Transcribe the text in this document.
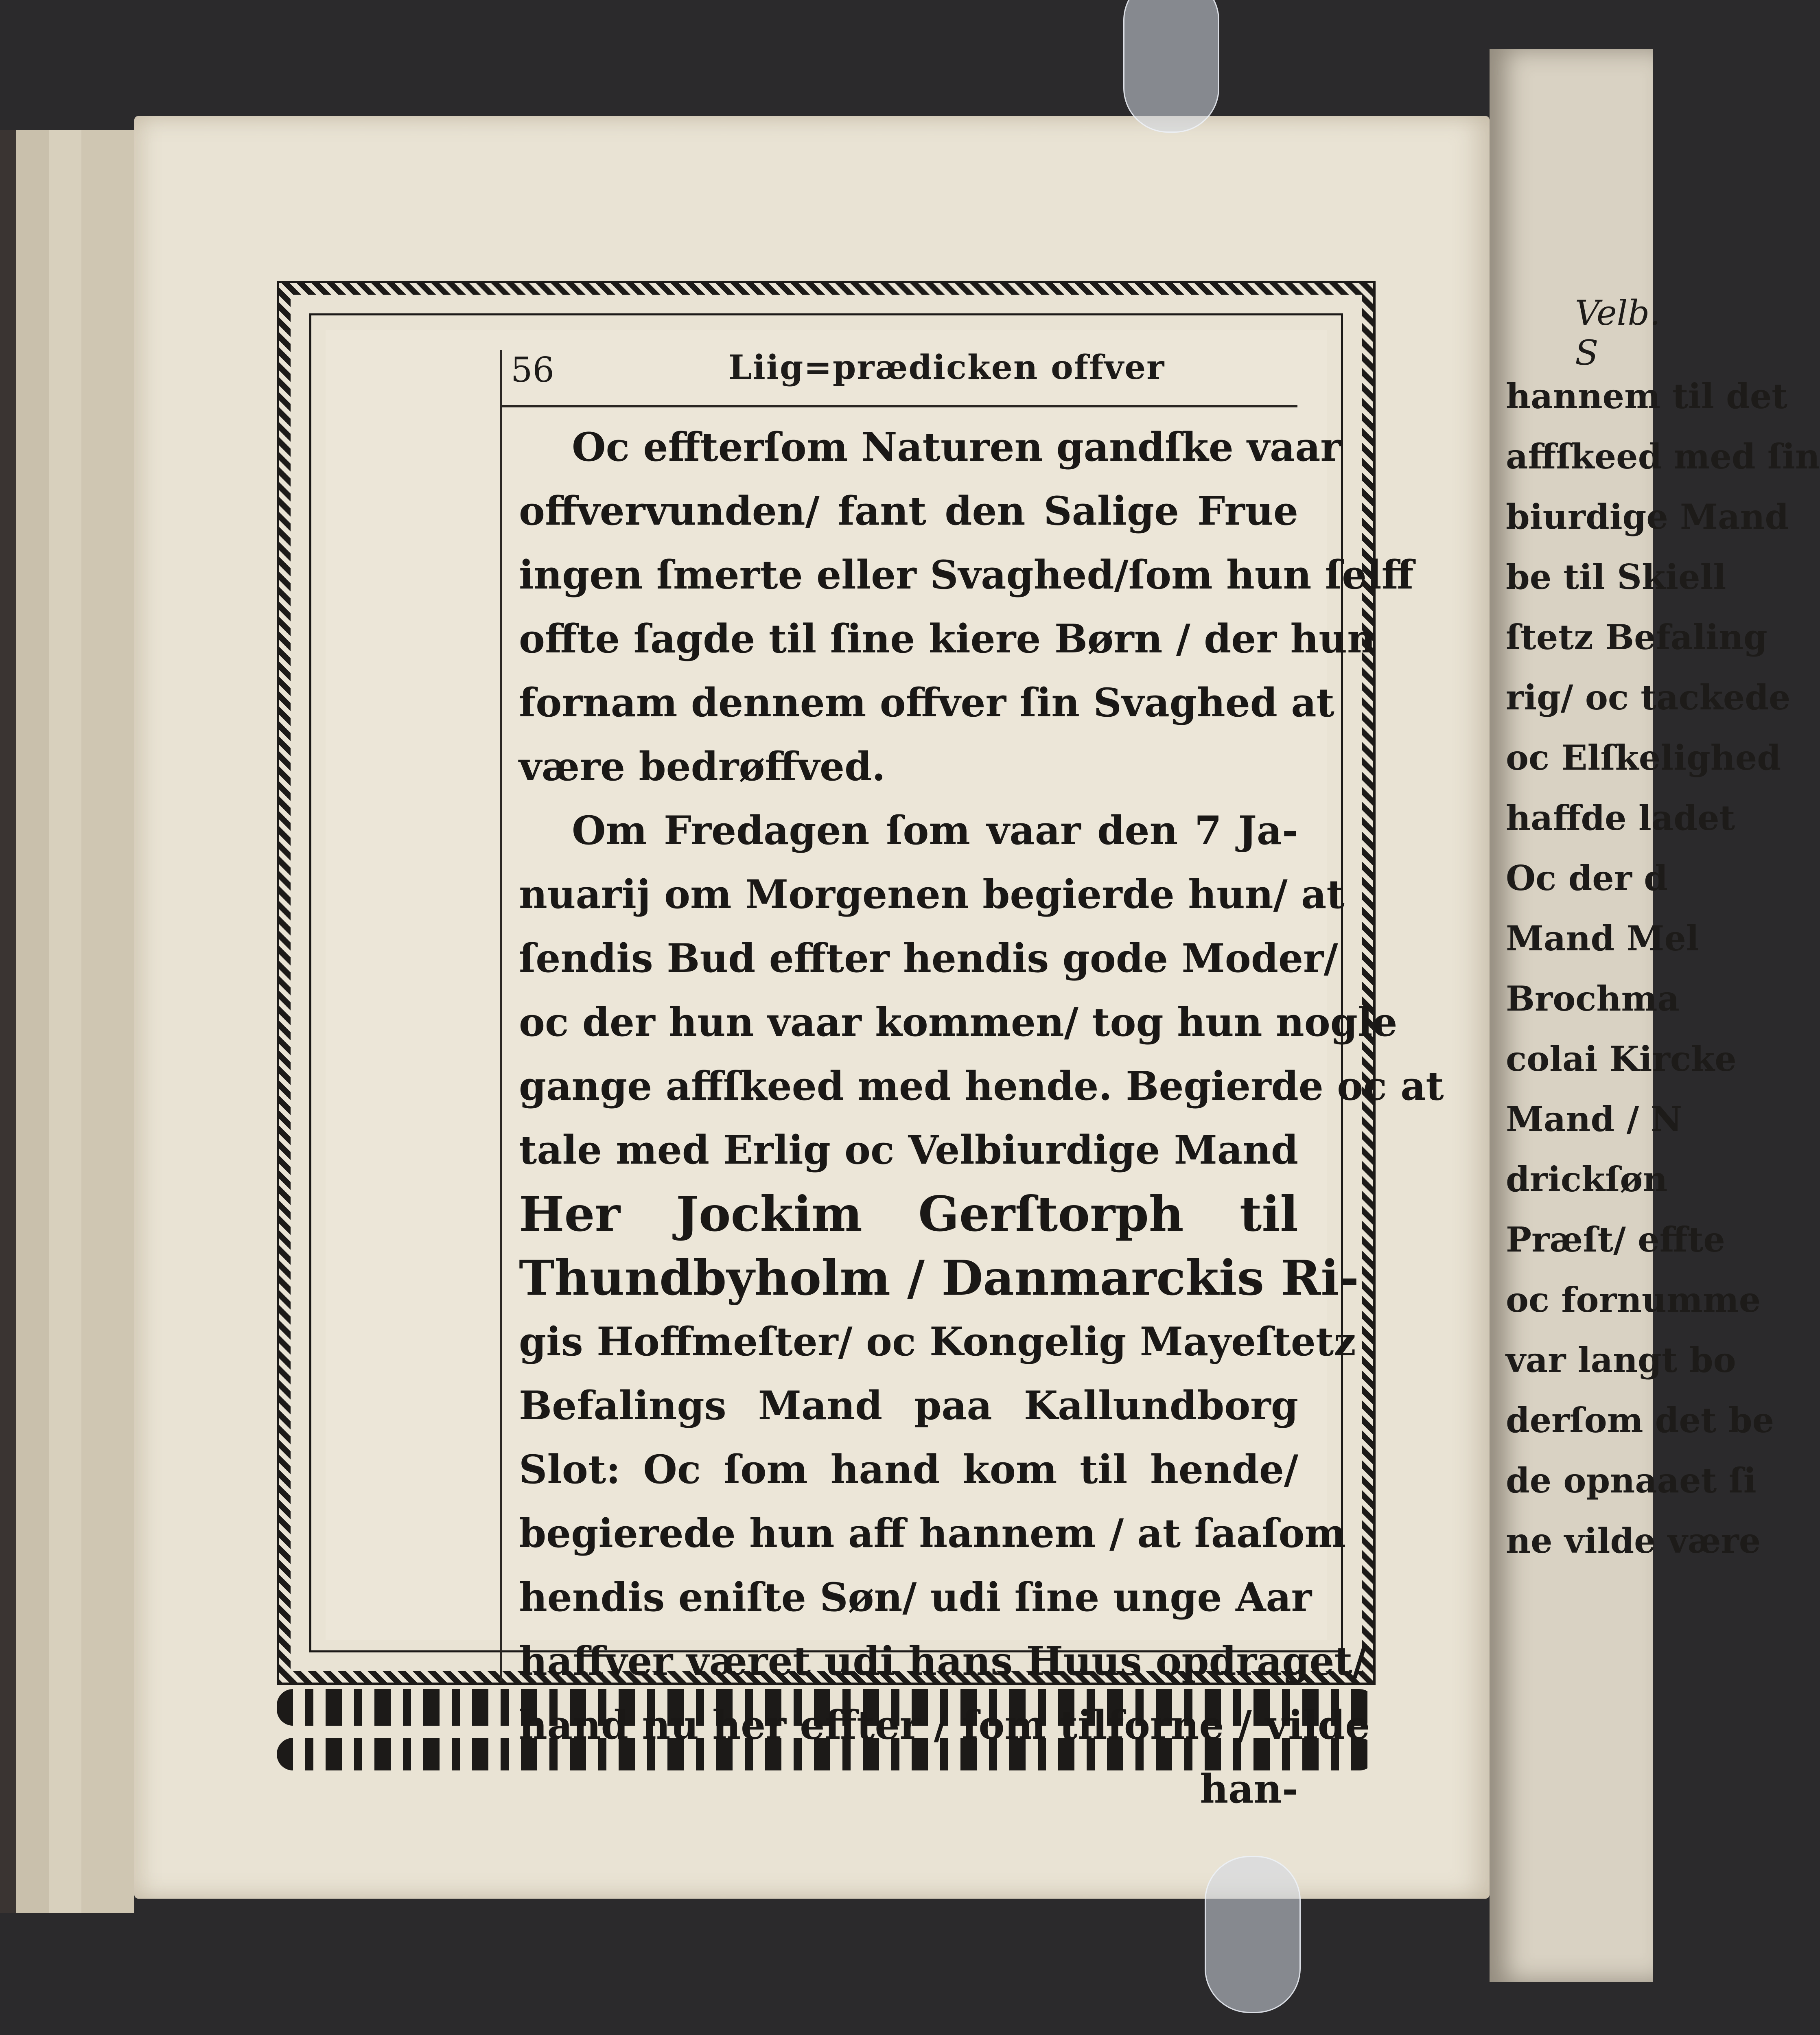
Velb. S
hannem til det
affſkeed med ſin
biurdige Mand
be til Skiell
ſtetz Befaling
rig/ oc tackede
oc Elſkelighed
haffde ladet
Oc der d
Mand Mel
Brochma
colai Kircke
Mand / N
drickſøn
Præſt/ effte
oc fornumme
var langt bo
derſom det be
de opnaaet ſi
ne vilde være
56	Liig=prædicken offver
Oc effterſom Naturen gandſke vaar
offvervunden/ fant den Salige Frue
ingen ſmerte eller Svaghed/ſom hun ſelff
offte ſagde til ſine kiere Børn / der hun
fornam dennem offver ſin Svaghed at
være bedrøffved.
Om Fredagen ſom vaar den 7 Ja-
nuarij om Morgenen begierde hun/ at
ſendis Bud effter hendis gode Moder/
oc der hun vaar kommen/ tog hun nogle
gange affſkeed med hende. Begierde oc at
tale med Erlig oc Velbiurdige Mand
Her Jockim Gerſtorph til
Thundbyholm / Danmarckis Ri-
gis Hoffmeſter/ oc Kongelig Mayeſtetz
Befalings Mand paa Kallundborg
Slot: Oc ſom hand kom til hende/
begierede hun aff hannem / at ſaaſom
hendis eniſte Søn/ udi ſine unge Aar
haffver været udi hans Huus opdraget/
hand nu her effter / ſom tilforne / vilde
han-
